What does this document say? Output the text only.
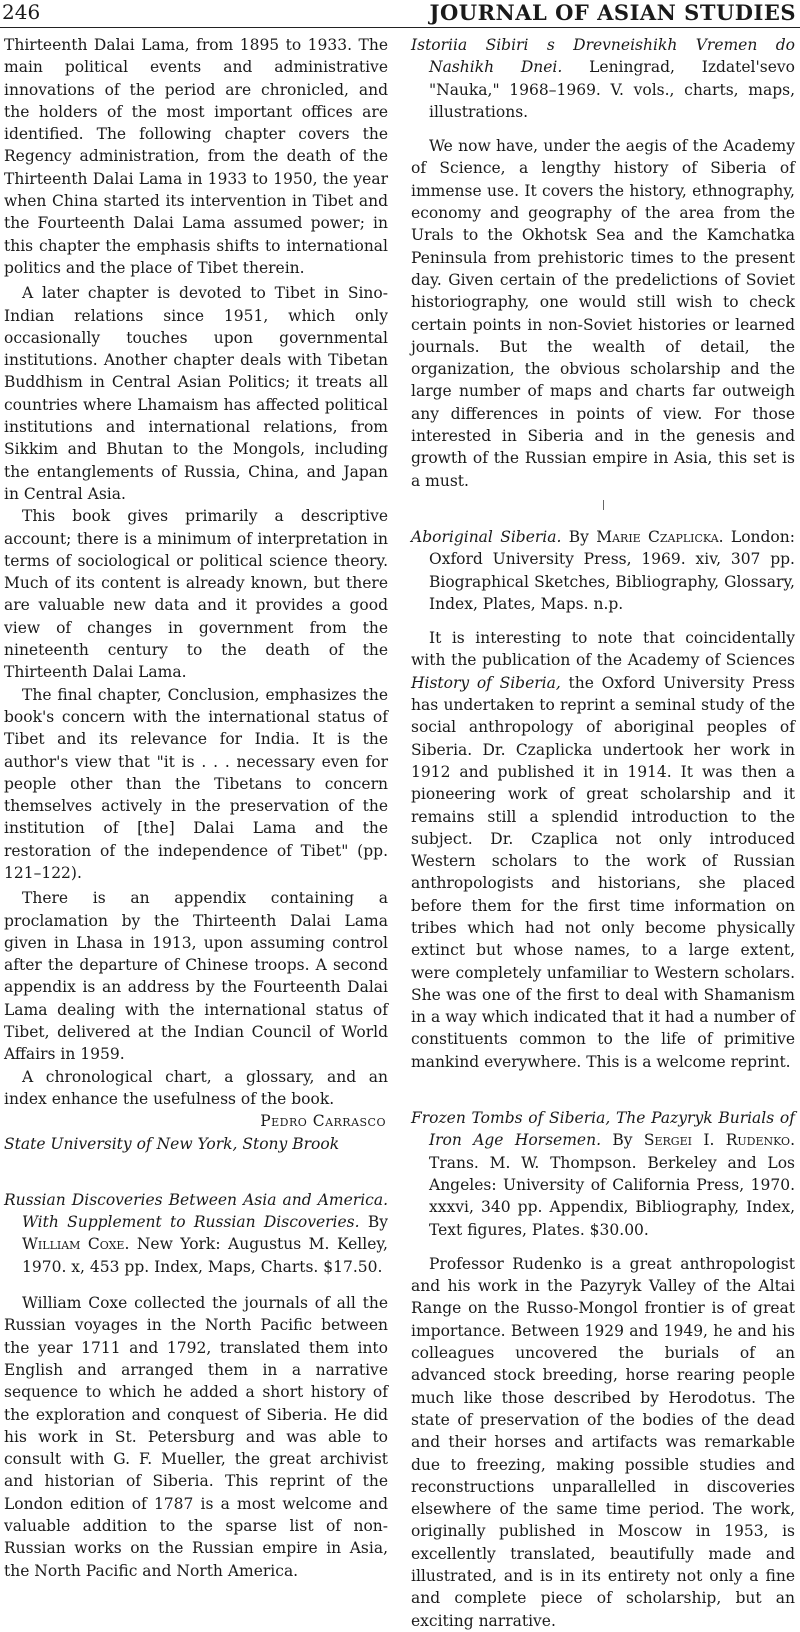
246	JOURNAL OF ASIAN STUDIES

Thirteenth Dalai Lama, from 1895 to 1933. The main political events and administrative innovations of the period are chronicled, and the holders of the most important offices are identified. The following chapter covers the Regency administration, from the death of the Thirteenth Dalai Lama in 1933 to 1950, the year when China started its intervention in Tibet and the Fourteenth Dalai Lama assumed power; in this chapter the emphasis shifts to international politics and the place of Tibet therein.

A later chapter is devoted to Tibet in Sino-Indian relations since 1951, which only occasionally touches upon governmental institutions. Another chapter deals with Tibetan Buddhism in Central Asian Politics; it treats all countries where Lhamaism has affected political institutions and international relations, from Sikkim and Bhutan to the Mongols, including the entanglements of Russia, China, and Japan in Central Asia.

This book gives primarily a descriptive account; there is a minimum of interpretation in terms of sociological or political science theory. Much of its content is already known, but there are valuable new data and it provides a good view of changes in government from the nineteenth century to the death of the Thirteenth Dalai Lama.

The final chapter, Conclusion, emphasizes the book's concern with the international status of Tibet and its relevance for India. It is the author's view that "it is . . . necessary even for people other than the Tibetans to concern themselves actively in the preservation of the institution of [the] Dalai Lama and the restoration of the independence of Tibet" (pp. 121–122).

There is an appendix containing a proclamation by the Thirteenth Dalai Lama given in Lhasa in 1913, upon assuming control after the departure of Chinese troops. A second appendix is an address by the Fourteenth Dalai Lama dealing with the international status of Tibet, delivered at the Indian Council of World Affairs in 1959.

A chronological chart, a glossary, and an index enhance the usefulness of the book.

Pedro Carrasco

State University of New York, Stony Brook

Russian Discoveries Between Asia and America. With Supplement to Russian Discoveries. By William Coxe. New York: Augustus M. Kelley, 1970. x, 453 pp. Index, Maps, Charts. $17.50.

William Coxe collected the journals of all the Russian voyages in the North Pacific between the year 1711 and 1792, translated them into English and arranged them in a narrative sequence to which he added a short history of the exploration and conquest of Siberia. He did his work in St. Petersburg and was able to consult with G. F. Mueller, the great archivist and historian of Siberia. This reprint of the London edition of 1787 is a most welcome and valuable addition to the sparse list of non-Russian works on the Russian empire in Asia, the North Pacific and North America.

Istoriia Sibiri s Drevneishikh Vremen do Nashikh Dnei. Leningrad, Izdatel'sevo "Nauka," 1968–1969. V. vols., charts, maps, illustrations.

We now have, under the aegis of the Academy of Science, a lengthy history of Siberia of immense use. It covers the history, ethnography, economy and geography of the area from the Urals to the Okhotsk Sea and the Kamchatka Peninsula from prehistoric times to the present day. Given certain of the predelictions of Soviet historiography, one would still wish to check certain points in non-Soviet histories or learned journals. But the wealth of detail, the organization, the obvious scholarship and the large number of maps and charts far outweigh any differences in points of view. For those interested in Siberia and in the genesis and growth of the Russian empire in Asia, this set is a must.

Aboriginal Siberia. By Marie Czaplicka. London: Oxford University Press, 1969. xiv, 307 pp. Biographical Sketches, Bibliography, Glossary, Index, Plates, Maps. n.p.

It is interesting to note that coincidentally with the publication of the Academy of Sciences History of Siberia, the Oxford University Press has undertaken to reprint a seminal study of the social anthropology of aboriginal peoples of Siberia. Dr. Czaplicka undertook her work in 1912 and published it in 1914. It was then a pioneering work of great scholarship and it remains still a splendid introduction to the subject. Dr. Czaplica not only introduced Western scholars to the work of Russian anthropologists and historians, she placed before them for the first time information on tribes which had not only become physically extinct but whose names, to a large extent, were completely unfamiliar to Western scholars. She was one of the first to deal with Shamanism in a way which indicated that it had a number of constituents common to the life of primitive mankind everywhere. This is a welcome reprint.

Frozen Tombs of Siberia, The Pazyryk Burials of Iron Age Horsemen. By Sergei I. Rudenko. Trans. M. W. Thompson. Berkeley and Los Angeles: University of California Press, 1970. xxxvi, 340 pp. Appendix, Bibliography, Index, Text figures, Plates. $30.00.

Professor Rudenko is a great anthropologist and his work in the Pazyryk Valley of the Altai Range on the Russo-Mongol frontier is of great importance. Between 1929 and 1949, he and his colleagues uncovered the burials of an advanced stock breeding, horse rearing people much like those described by Herodotus. The state of preservation of the bodies of the dead and their horses and artifacts was remarkable due to freezing, making possible studies and reconstructions unparallelled in discoveries elsewhere of the same time period. The work, originally published in Moscow in 1953, is excellently translated, beautifully made and illustrated, and is in its entirety not only a fine and complete piece of scholarship, but an exciting narrative.
